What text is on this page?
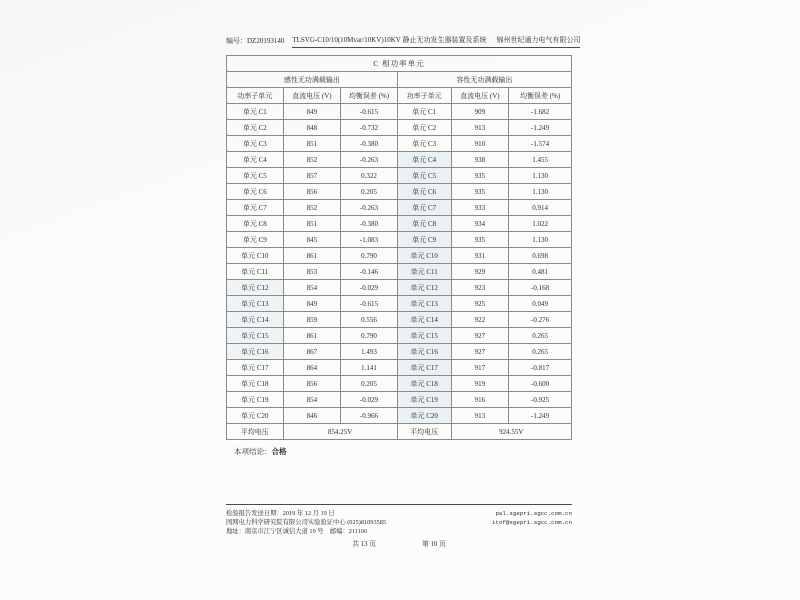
编号：DZ20193140	TLSVG-C10/10(10Mvar/10KV)10KV 静止无功发生器装置及系统 锦州世纪通力电气有限公司
C 相功率单元					
感性无功满载输出			容性无功满载输出		
功率子单元	直流电压 (V)	均衡误差 (%)	功率子单元	直流电压 (V)	均衡误差 (%)
单元 C1	849	-0.615	单元 C1	909	-1.682
单元 C2	848	-0.732	单元 C2	913	-1.249
单元 C3	851	-0.380	单元 C3	910	-1.574
单元 C4	852	-0.263	单元 C4	938	1.455
单元 C5	857	0.322	单元 C5	935	1.130
单元 C6	856	0.205	单元 C6	935	1.130
单元 C7	852	-0.263	单元 C7	933	0.914
单元 C8	851	-0.380	单元 C8	934	1.022
单元 C9	845	-1.083	单元 C9	935	1.130
单元 C10	861	0.790	单元 C10	931	0.698
单元 C11	853	-0.146	单元 C11	929	0.481
单元 C12	854	-0.029	单元 C12	923	-0.168
单元 C13	849	-0.615	单元 C13	925	0.049
单元 C14	859	0.556	单元 C14	922	-0.276
单元 C15	861	0.790	单元 C15	927	0.265
单元 C16	867	1.493	单元 C16	927	0.265
单元 C17	864	1.141	单元 C17	917	-0.817
单元 C18	856	0.205	单元 C18	919	-0.600
单元 C19	854	-0.029	单元 C19	916	-0.925
单元 C20	846	-0.966	单元 C20	913	-1.249
平均电压	854.25V		平均电压	924.55V	
本项结论：合格
检验报告发送日期：2019 年 12 月 19 日
国网电力科学研究院有限公司实验验证中心 (025)81093585
地址：南京市江宁区诚信大道 19 号　邮编：211106
pal.sgepri.sgcc.com.cn
itof@sgepri.sgcc.com.cn
共 13 页	第 10 页
